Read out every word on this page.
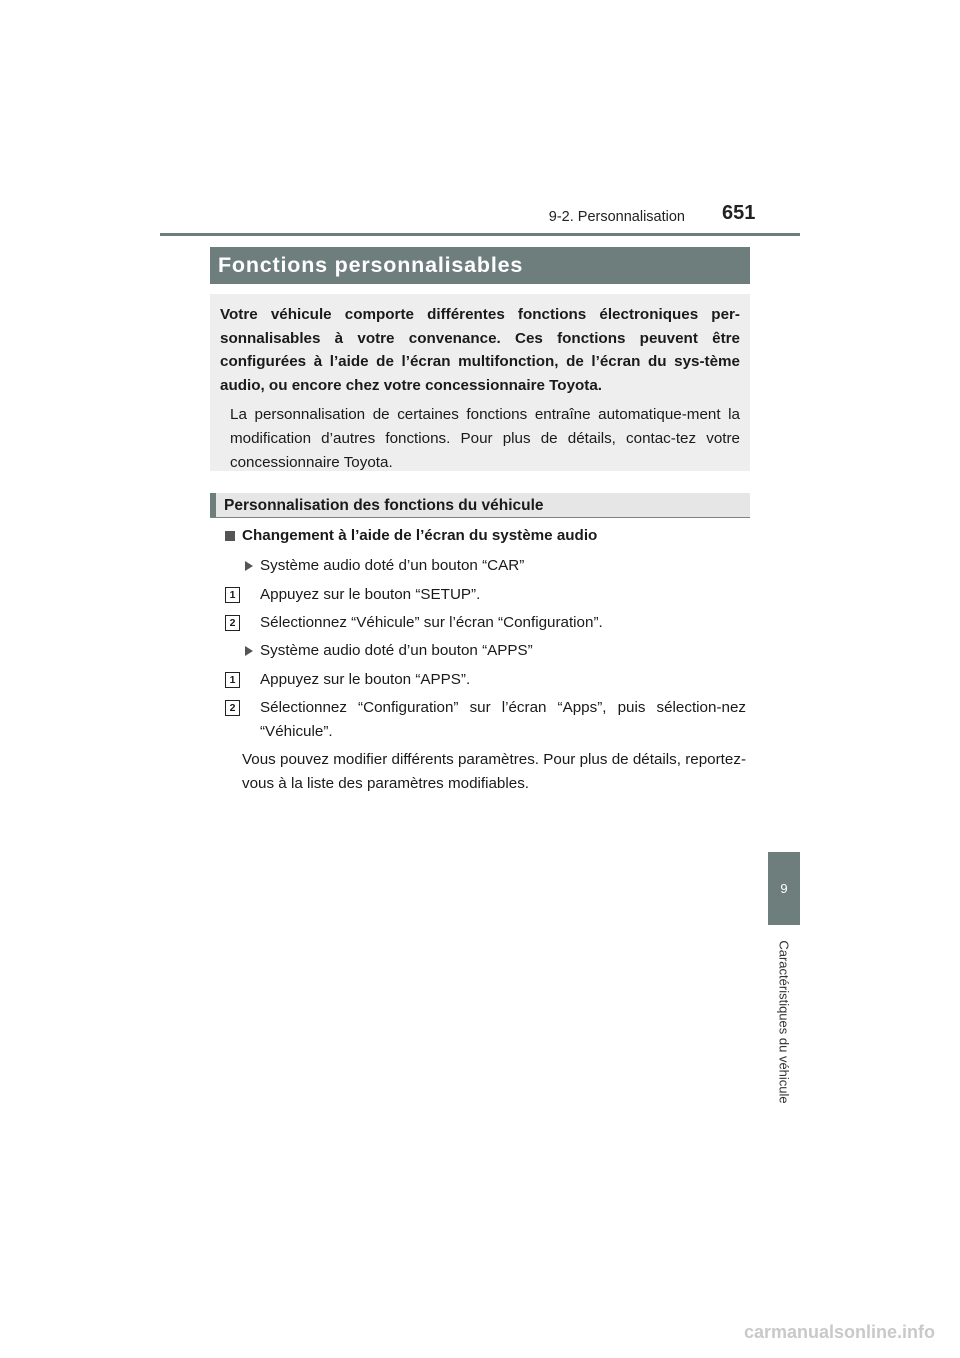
9-2. Personnalisation 651
Fonctions personnalisables

Votre véhicule comporte différentes fonctions électroniques per-sonnalisables à votre convenance. Ces fonctions peuvent être configurées à l’aide de l’écran multifonction, de l’écran du sys-tème audio, ou encore chez votre concessionnaire Toyota.

La personnalisation de certaines fonctions entraîne automatique-ment la modification d’autres fonctions. Pour plus de détails, contac-tez votre concessionnaire Toyota.

Personnalisation des fonctions du véhicule
Changement à l’aide de l’écran du système audio
Système audio doté d’un bouton “CAR”
1	Appuyez sur le bouton “SETUP”.
2	Sélectionnez “Véhicule” sur l’écran “Configuration”.
Système audio doté d’un bouton “APPS”
1	Appuyez sur le bouton “APPS”.
2	Sélectionnez “Configuration” sur l’écran “Apps”, puis sélection-nez “Véhicule”.
Vous pouvez modifier différents paramètres. Pour plus de détails, reportez-vous à la liste des paramètres modifiables.
9
Caractéristiques du véhicule
carmanualsonline.info
